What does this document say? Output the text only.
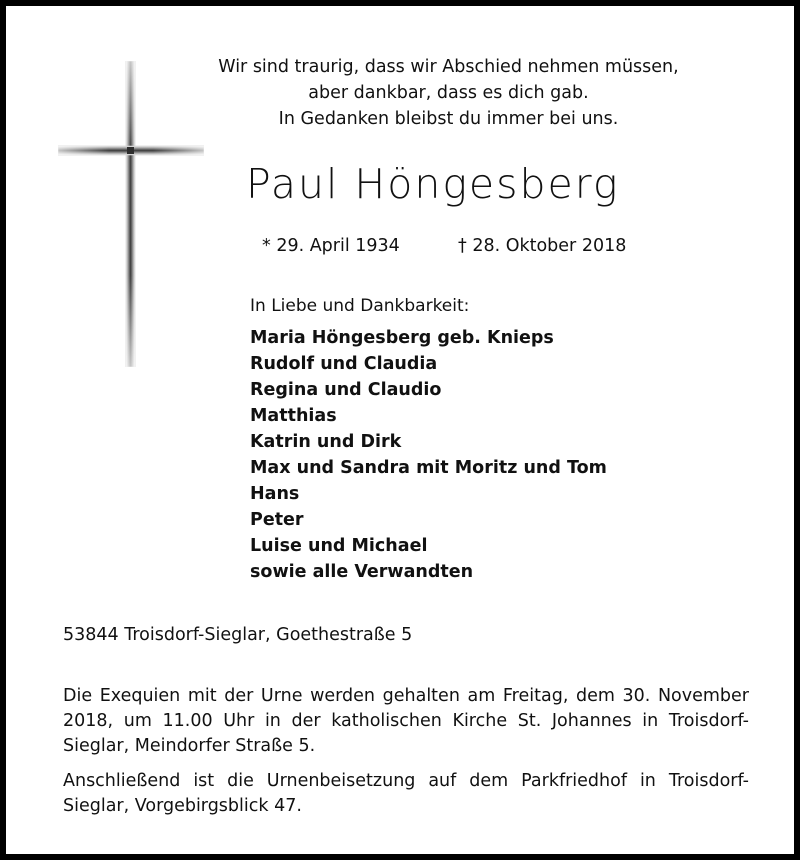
Wir sind traurig, dass wir Abschied nehmen müssen,
aber dankbar, dass es dich gab.
In Gedanken bleibst du immer bei uns.
Paul Höngesberg
* 29. April 1934	† 28. Oktober 2018
In Liebe und Dankbarkeit:
Maria Höngesberg geb. Knieps
Rudolf und Claudia
Regina und Claudio
Matthias
Katrin und Dirk
Max und Sandra mit Moritz und Tom
Hans
Peter
Luise und Michael
sowie alle Verwandten
53844 Troisdorf-Sieglar, Goethestraße 5
Die Exequien mit der Urne werden gehalten am Freitag, dem 30. November 2018, um 11.00 Uhr in der katholischen Kirche St. Johannes in Troisdorf-Sieglar, Meindorfer Straße 5.
Anschließend ist die Urnenbeisetzung auf dem Parkfriedhof in Troisdorf-Sieglar, Vorgebirgsblick 47.
